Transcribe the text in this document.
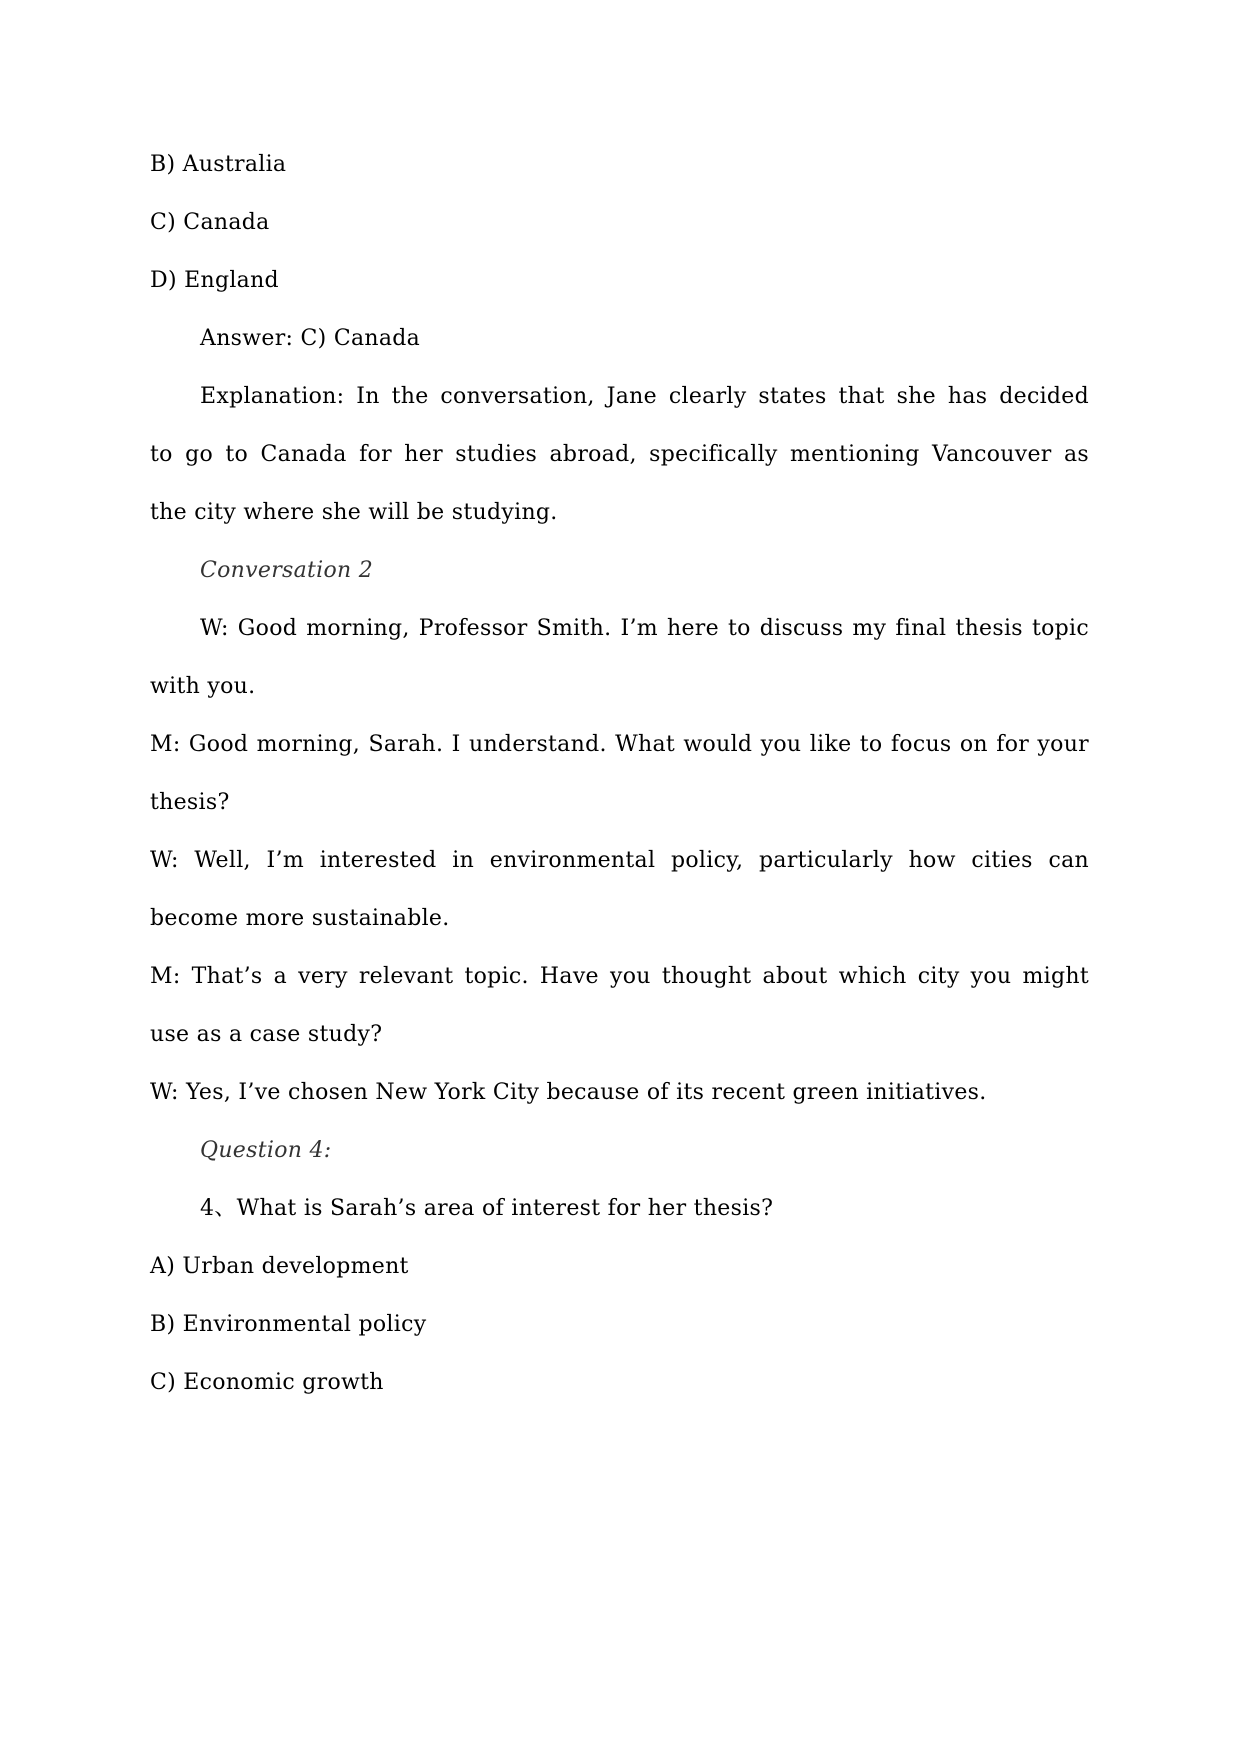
B) Australia
C) Canada
D) England
Answer: C) Canada
Explanation: In the conversation, Jane clearly states that she has decided
to go to Canada for her studies abroad, specifically mentioning Vancouver as
the city where she will be studying.
Conversation 2
W: Good morning, Professor Smith. I’m here to discuss my final thesis topic
with you.
M: Good morning, Sarah. I understand. What would you like to focus on for your
thesis?
W: Well, I’m interested in environmental policy, particularly how cities can
become more sustainable.
M: That’s a very relevant topic. Have you thought about which city you might
use as a case study?
W: Yes, I’ve chosen New York City because of its recent green initiatives.
Question 4:
4、What is Sarah’s area of interest for her thesis?
A) Urban development
B) Environmental policy
C) Economic growth
